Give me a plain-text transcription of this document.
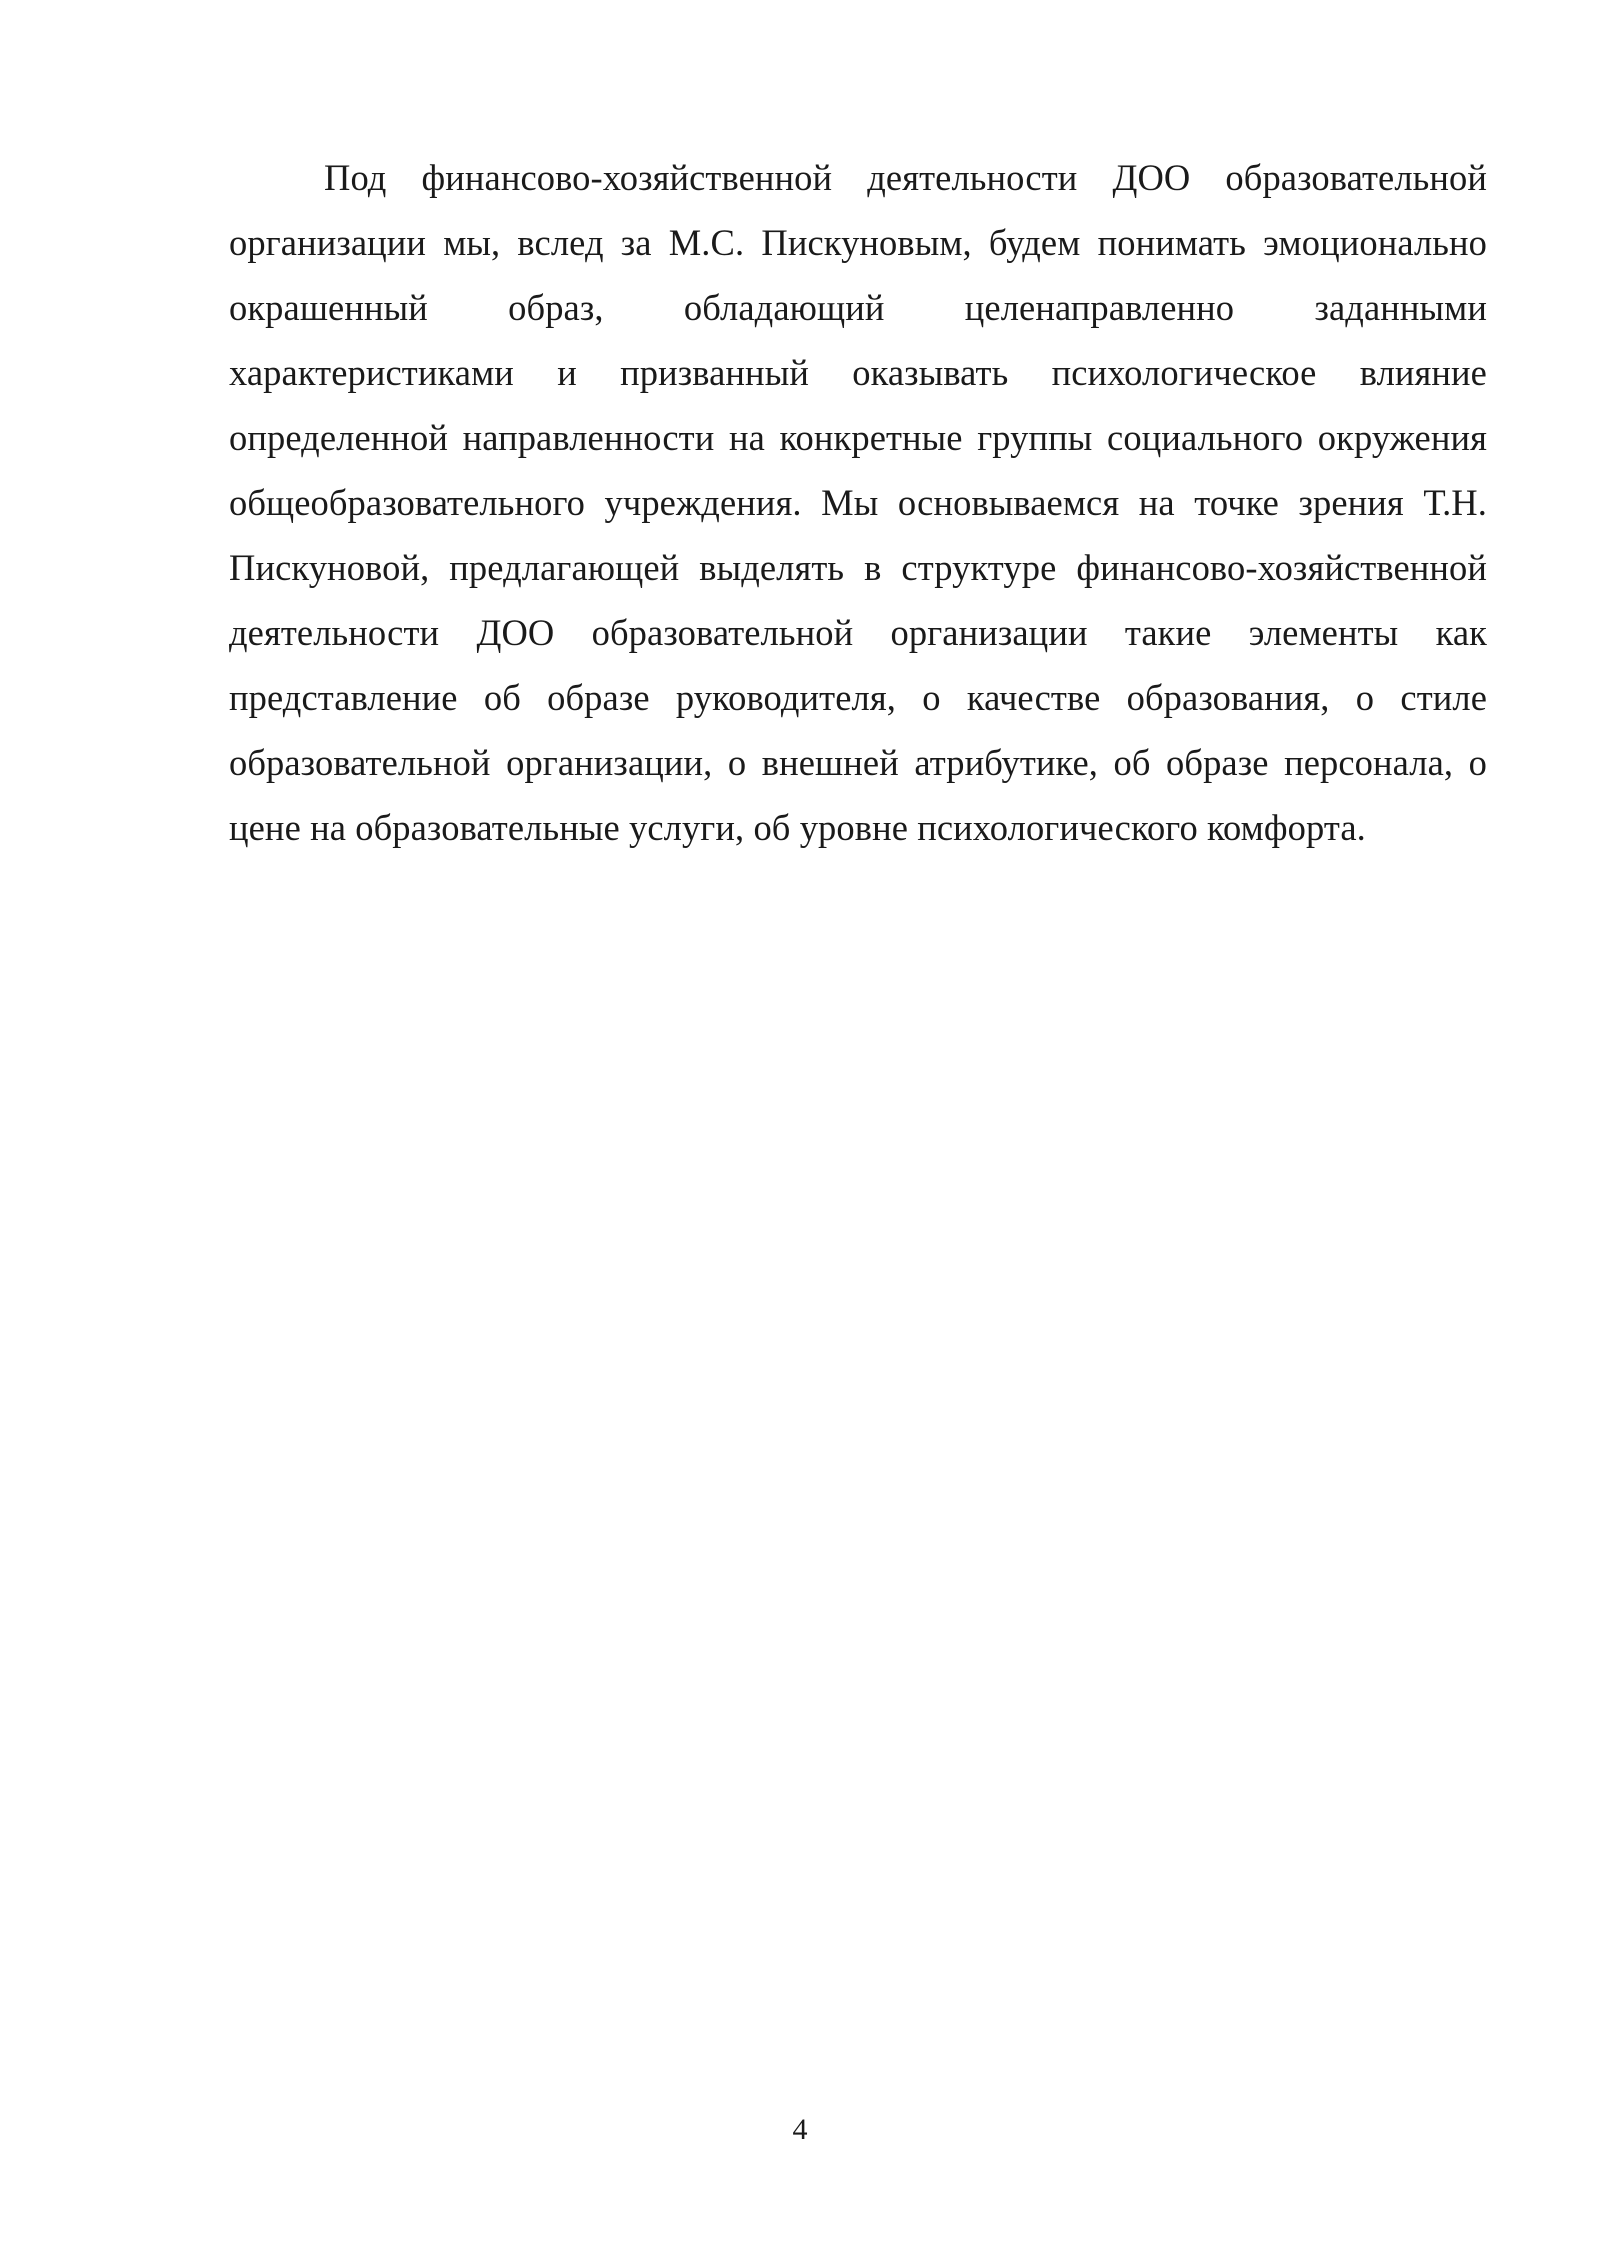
Под финансово-хозяйственной деятельности ДОО образовательной организации мы, вслед за М.С. Пискуновым, будем понимать эмоционально окрашенный образ, обладающий целенаправленно заданными характеристиками и призванный оказывать психологическое влияние определенной направленности на конкретные группы социального окружения общеобразовательного учреждения. Мы основываемся на точке зрения Т.Н. Пискуновой, предлагающей выделять в структуре финансово-хозяйственной деятельности ДОО образовательной организации такие элементы как представление об образе руководителя, о качестве образования, о стиле образовательной организации, о внешней атрибутике, об образе персонала, о цене на образовательные услуги, об уровне психологического комфорта.

4
